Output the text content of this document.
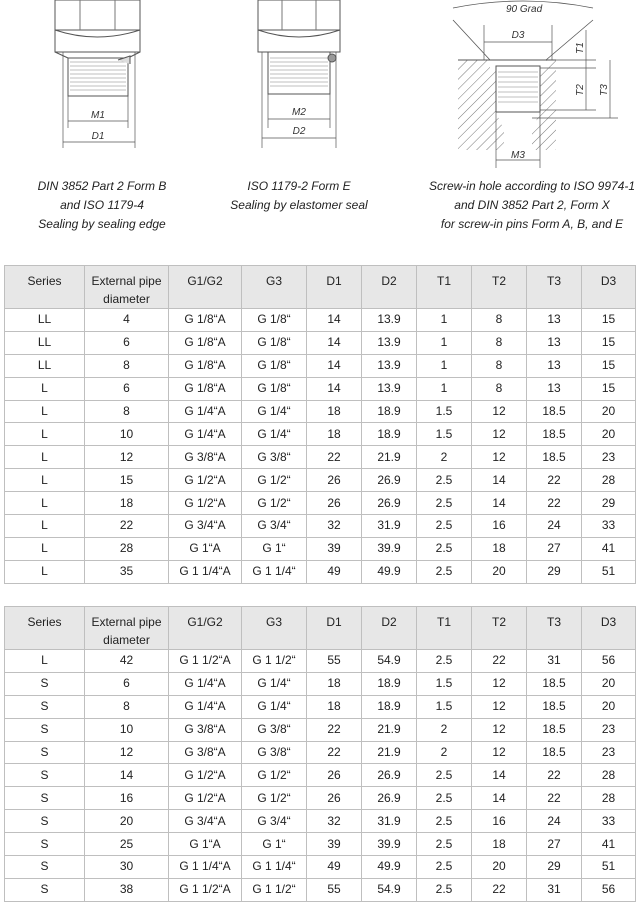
M1
D1
M2
D2
90 Grad
D3
T1
T2 T3
M3
DIN 3852 Part 2 Form B
and ISO 1179-4
Sealing by sealing edge
ISO 1179-2 Form E
Sealing by elastomer seal
Screw-in hole according to ISO 9974-1
and DIN 3852 Part 2, Form X
for screw-in pins Form A, B, and E
Series	External pipe diameter	G1/G2	G3	D1	D2	T1	T2	T3	D3
LL	4	G 1/8“A	G 1/8“	14	13.9	1	8	13	15
LL	6	G 1/8“A	G 1/8“	14	13.9	1	8	13	15
LL	8	G 1/8“A	G 1/8“	14	13.9	1	8	13	15
L	6	G 1/8“A	G 1/8“	14	13.9	1	8	13	15
L	8	G 1/4“A	G 1/4“	18	18.9	1.5	12	18.5	20
L	10	G 1/4“A	G 1/4“	18	18.9	1.5	12	18.5	20
L	12	G 3/8“A	G 3/8“	22	21.9	2	12	18.5	23
L	15	G 1/2“A	G 1/2“	26	26.9	2.5	14	22	28
L	18	G 1/2“A	G 1/2“	26	26.9	2.5	14	22	29
L	22	G 3/4“A	G 3/4“	32	31.9	2.5	16	24	33
L	28	G 1“A	G 1“	39	39.9	2.5	18	27	41
L	35	G 1 1/4“A	G 1 1/4“	49	49.9	2.5	20	29	51
Series	External pipe diameter	G1/G2	G3	D1	D2	T1	T2	T3	D3
L	42	G 1 1/2“A	G 1 1/2“	55	54.9	2.5	22	31	56
S	6	G 1/4“A	G 1/4“	18	18.9	1.5	12	18.5	20
S	8	G 1/4“A	G 1/4“	18	18.9	1.5	12	18.5	20
S	10	G 3/8“A	G 3/8“	22	21.9	2	12	18.5	23
S	12	G 3/8“A	G 3/8“	22	21.9	2	12	18.5	23
S	14	G 1/2“A	G 1/2“	26	26.9	2.5	14	22	28
S	16	G 1/2“A	G 1/2“	26	26.9	2.5	14	22	28
S	20	G 3/4“A	G 3/4“	32	31.9	2.5	16	24	33
S	25	G 1“A	G 1“	39	39.9	2.5	18	27	41
S	30	G 1 1/4“A	G 1 1/4“	49	49.9	2.5	20	29	51
S	38	G 1 1/2“A	G 1 1/2“	55	54.9	2.5	22	31	56
